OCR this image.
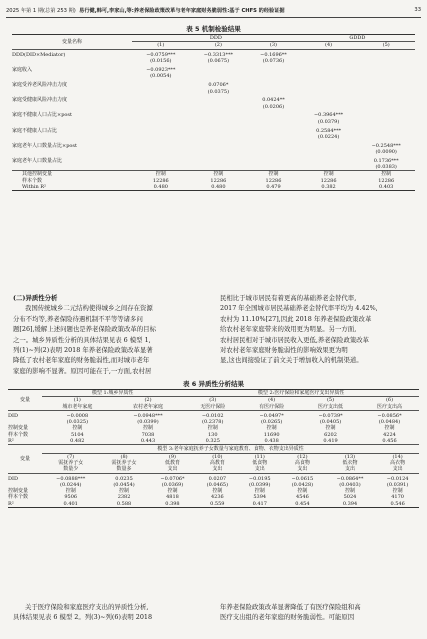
2025 年第 1 期(总第 253 期) 易行健,韩可,李家山,等:养老保险政策改革与老年家庭财务脆弱性:基于 CHFS 的经验证据	33
表 5 机制检验结果
变量名称	DDD			GDDD	
	(1)	(2)	(3)	(4)	(5)
DDD(DID×Mediator)	−0.0759***	−0.3313***	−0.1696**		
	(0.0156)	(0.0675)	(0.0736)		
家庭收入	−0.0923***				
	(0.0054)				
家庭受养老风险冲击力度		0.0706*			
		(0.0375)			
家庭受健康风险冲击力度			0.0424**		
			(0.0206)		
家庭不健康人口占比×post				−0.3964***	
				(0.0379)	
家庭不健康人口占比				0.2584***	
				(0.0224)	
家庭老年人口数量占比×post					−0.2548***
					(0.0090)
家庭老年人口数量占比					0.1736***
					(0.0383)
其他控制变量	控制	控制	控制	控制	控制
样本个数	12286	12286	12286	12286	12286
Within R²	0.480	0.480	0.479	0.382	0.403

(二)异质性分析
我国传统城乡二元结构使得城乡之间存在资源
分布不均等,养老保险待遇机制不平等等诸多问
题[26],缓解上述问题也是养老保险政策改革的目标
之一。城乡异质性分析的具体结果见表 6 模型 1,
列(1)~列(2)表明 2018 年养老保险政策改革显著
降低了农村老年家庭的财务脆弱性,而对城市老年
家庭的影响不显著。原因可能在于,一方面,农村居
民相比于城市居民有着更高的基础养老金替代率,
2017 年全国城市居民基础养老金替代率平均为 4.42%,
农村为 11.10%[27],因此 2018 年养老保险政策改革
给农村老年家庭带来的效用更为明显。另一方面,
农村居民相对于城市居民收入更低,养老保险政策改革
对农村老年家庭财务脆弱性的影响效果更为明
显,这也间接验证了前文关于增加收入的机制渠道。
表 6 异质性分析结果
变量	模型 1:城乡异质性	模型 2:医疗保险和家庭医疗支出异质性
(1)	(2)	(3)	(4)	(5)	(6)
城市老年家庭	农村老年家庭	无医疗保险	有医疗保险	医疗支出低	医疗支出高
DID	−0.0008	−0.0948***	−0.0102	−0.0497*	−0.0739*	−0.0856*
	(0.0325)	(0.0399)	(0.2378)	(0.0265)	(0.0405)	(0.0484)
控制变量	控制	控制	控制	控制	控制	控制
样本个数	5104	7038	130	11690	6202	4224
R²	0.482	0.443	0.325	0.438	0.419	0.456

变量	模型 3:老年家庭抚养子女数量与家庭教育、食物、衣物支出异质性
(7)	(8)	(9)	(10)	(11)	(12)	(13)	(14)

需抚养子女
数量少

需抚养子女
数量多

低教育
支出

高教育
支出

低食物
支出

高食物
支出

低衣物
支出

高衣物
支出

DID	−0.0888***	0.0235	−0.0706*	0.0207	−0.0195	−0.0615	−0.0864**	−0.0124
	(0.0244)	(0.0454)	(0.0369)	(0.0465)	(0.0399)	(0.0428)	(0.0403)	(0.0391)
控制变量	控制	控制	控制	控制	控制	控制	控制	控制
样本个数	9506	2382	4818	4236	5394	4546	5024	4170
R²	0.401	0.588	0.398	0.559	0.417	0.454	0.394	0.546

关于医疗保险和家庭医疗支出的异质性分析,
具体结果见表 6 模型 2。列(3)~列(6)表明 2018
年养老保险政策改革显著降低了有医疗保险组和高
医疗支出组的老年家庭的财务脆弱性。可能原因
